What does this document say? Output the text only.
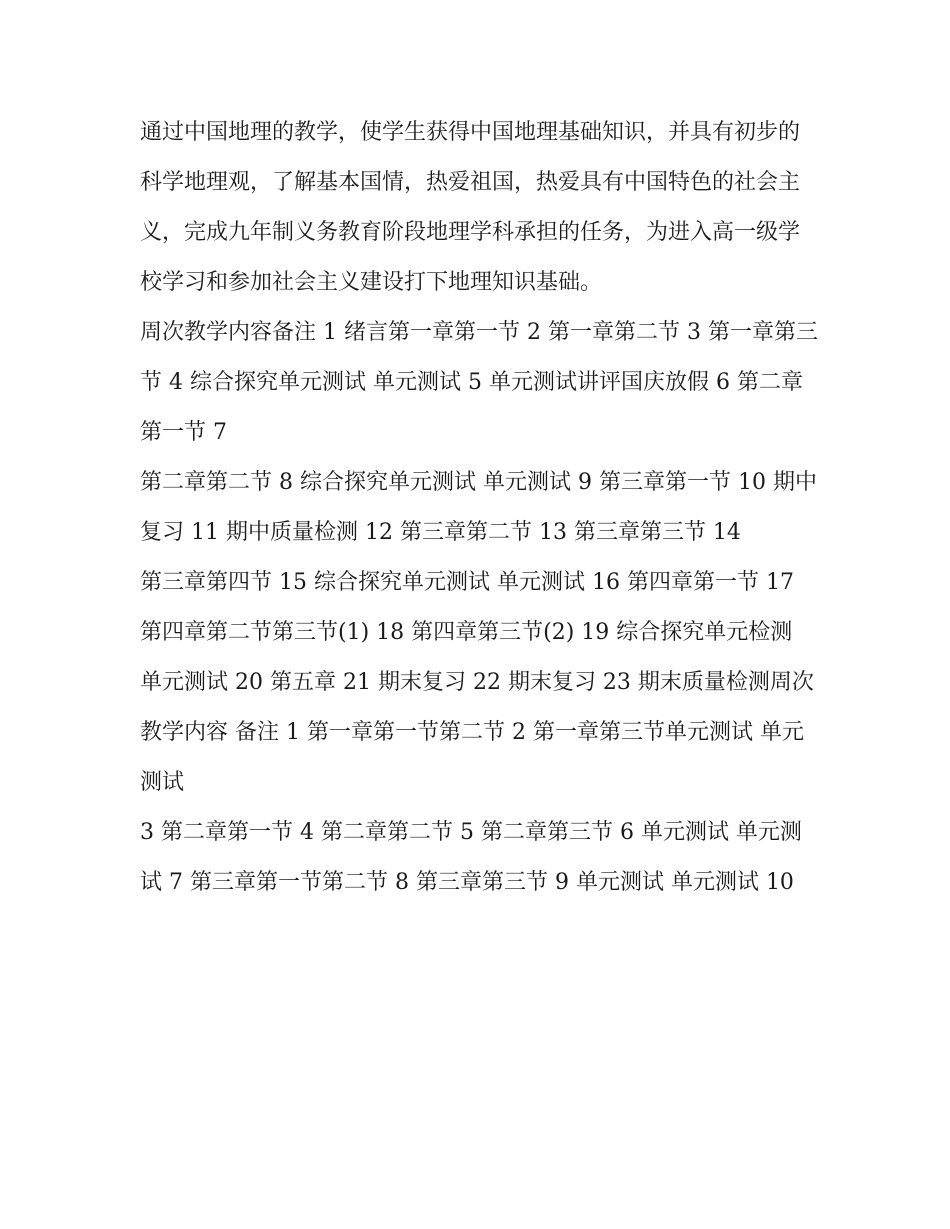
通过中国地理的教学，使学生获得中国地理基础知识，并具有初步的科学地理观，了解基本国情，热爱祖国，热爱具有中国特色的社会主义，完成九年制义务教育阶段地理学科承担的任务，为进入高一级学校学习和参加社会主义建设打下地理知识基础。

周次教学内容备注 1 绪言第一章第一节 2 第一章第二节 3 第一章第三节 4 综合探究单元测试 单元测试 5 单元测试讲评国庆放假 6 第二章第一节 7

第二章第二节 8 综合探究单元测试 单元测试 9 第三章第一节 10 期中复习 11 期中质量检测 12 第三章第二节 13 第三章第三节 14

第三章第四节 15 综合探究单元测试 单元测试 16 第四章第一节 17 第四章第二节第三节(1) 18 第四章第三节(2) 19 综合探究单元检测

单元测试 20 第五章 21 期末复习 22 期末复习 23 期末质量检测周次 教学内容 备注 1 第一章第一节第二节 2 第一章第三节单元测试 单元测试

3 第二章第一节 4 第二章第二节 5 第二章第三节 6 单元测试 单元测试 7 第三章第一节第二节 8 第三章第三节 9 单元测试 单元测试 10
